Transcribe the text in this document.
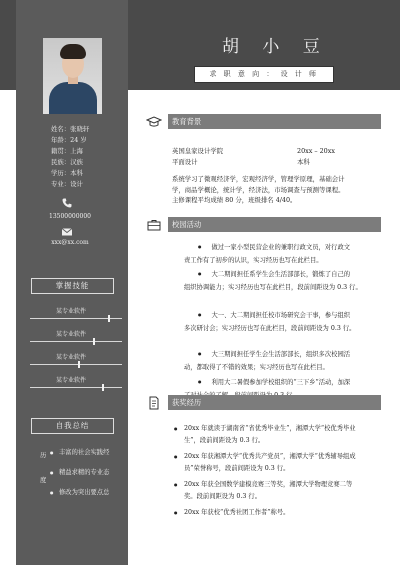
姓名：张晓轩
年龄：24 岁
籍贯：上海
民族：汉族
学历：本科
专业：设计
13500000000
xxx@xx.com
掌握技能
某专业软件
某专业软件
某专业软件
某专业软件
自我总结
历
度
● 丰富的社会实践经
● 精益求精的专业态
● 修改为突出要点总
胡 小 豆
求 职 意 向 ： 设 计 师
教育背景
英国皇家设计学院	20xx – 20xx
平面设计	本科
系统学习了微观经济学，宏观经济学，管理学原理，基础会计
学，商品学概论，统计学，经济法，市场调查与预测等课程。
主修课程平均成绩 80 分，班级排名 4/40。
校园活动
● 做过一家小型民营企业的兼职行政文员，对行政文
责工作有了初步的认识，实习经历也写在此栏目。
● 大二期间担任系学生会生活部部长，锻炼了自己的
组织协调能力；实习经历也写在此栏目，段前间距设为 0.3 行。
● 大一、大二期间担任校市场研究会干事，参与组织
多次研讨会；实习经历也写在此栏目，段前间距设为 0.3 行。
● 大三期间担任学生会生活部部长，组织多次校园活
动，都取得了不错的效果；实习经历也写在此栏目。
● 利用大二暑假参加学校组织的“三下乡”活动，加深
获奖经历
● 20xx 年就读于湖南省“省优秀毕业生”，湘潭大学“校优秀毕业
生”，段前间距设为 0.3 行。
● 20xx 年获湘潭大学“优秀共产党员”，湘潭大学“优秀辅导组成
员”荣誉称号，段前间距设为 0.3 行。
● 20xx 年获全国数学建模竞赛三等奖，湘潭大学物理竞赛二等
奖。段前间距设为 0.3 行。
● 20xx 年获校“优秀社团工作者”称号。
